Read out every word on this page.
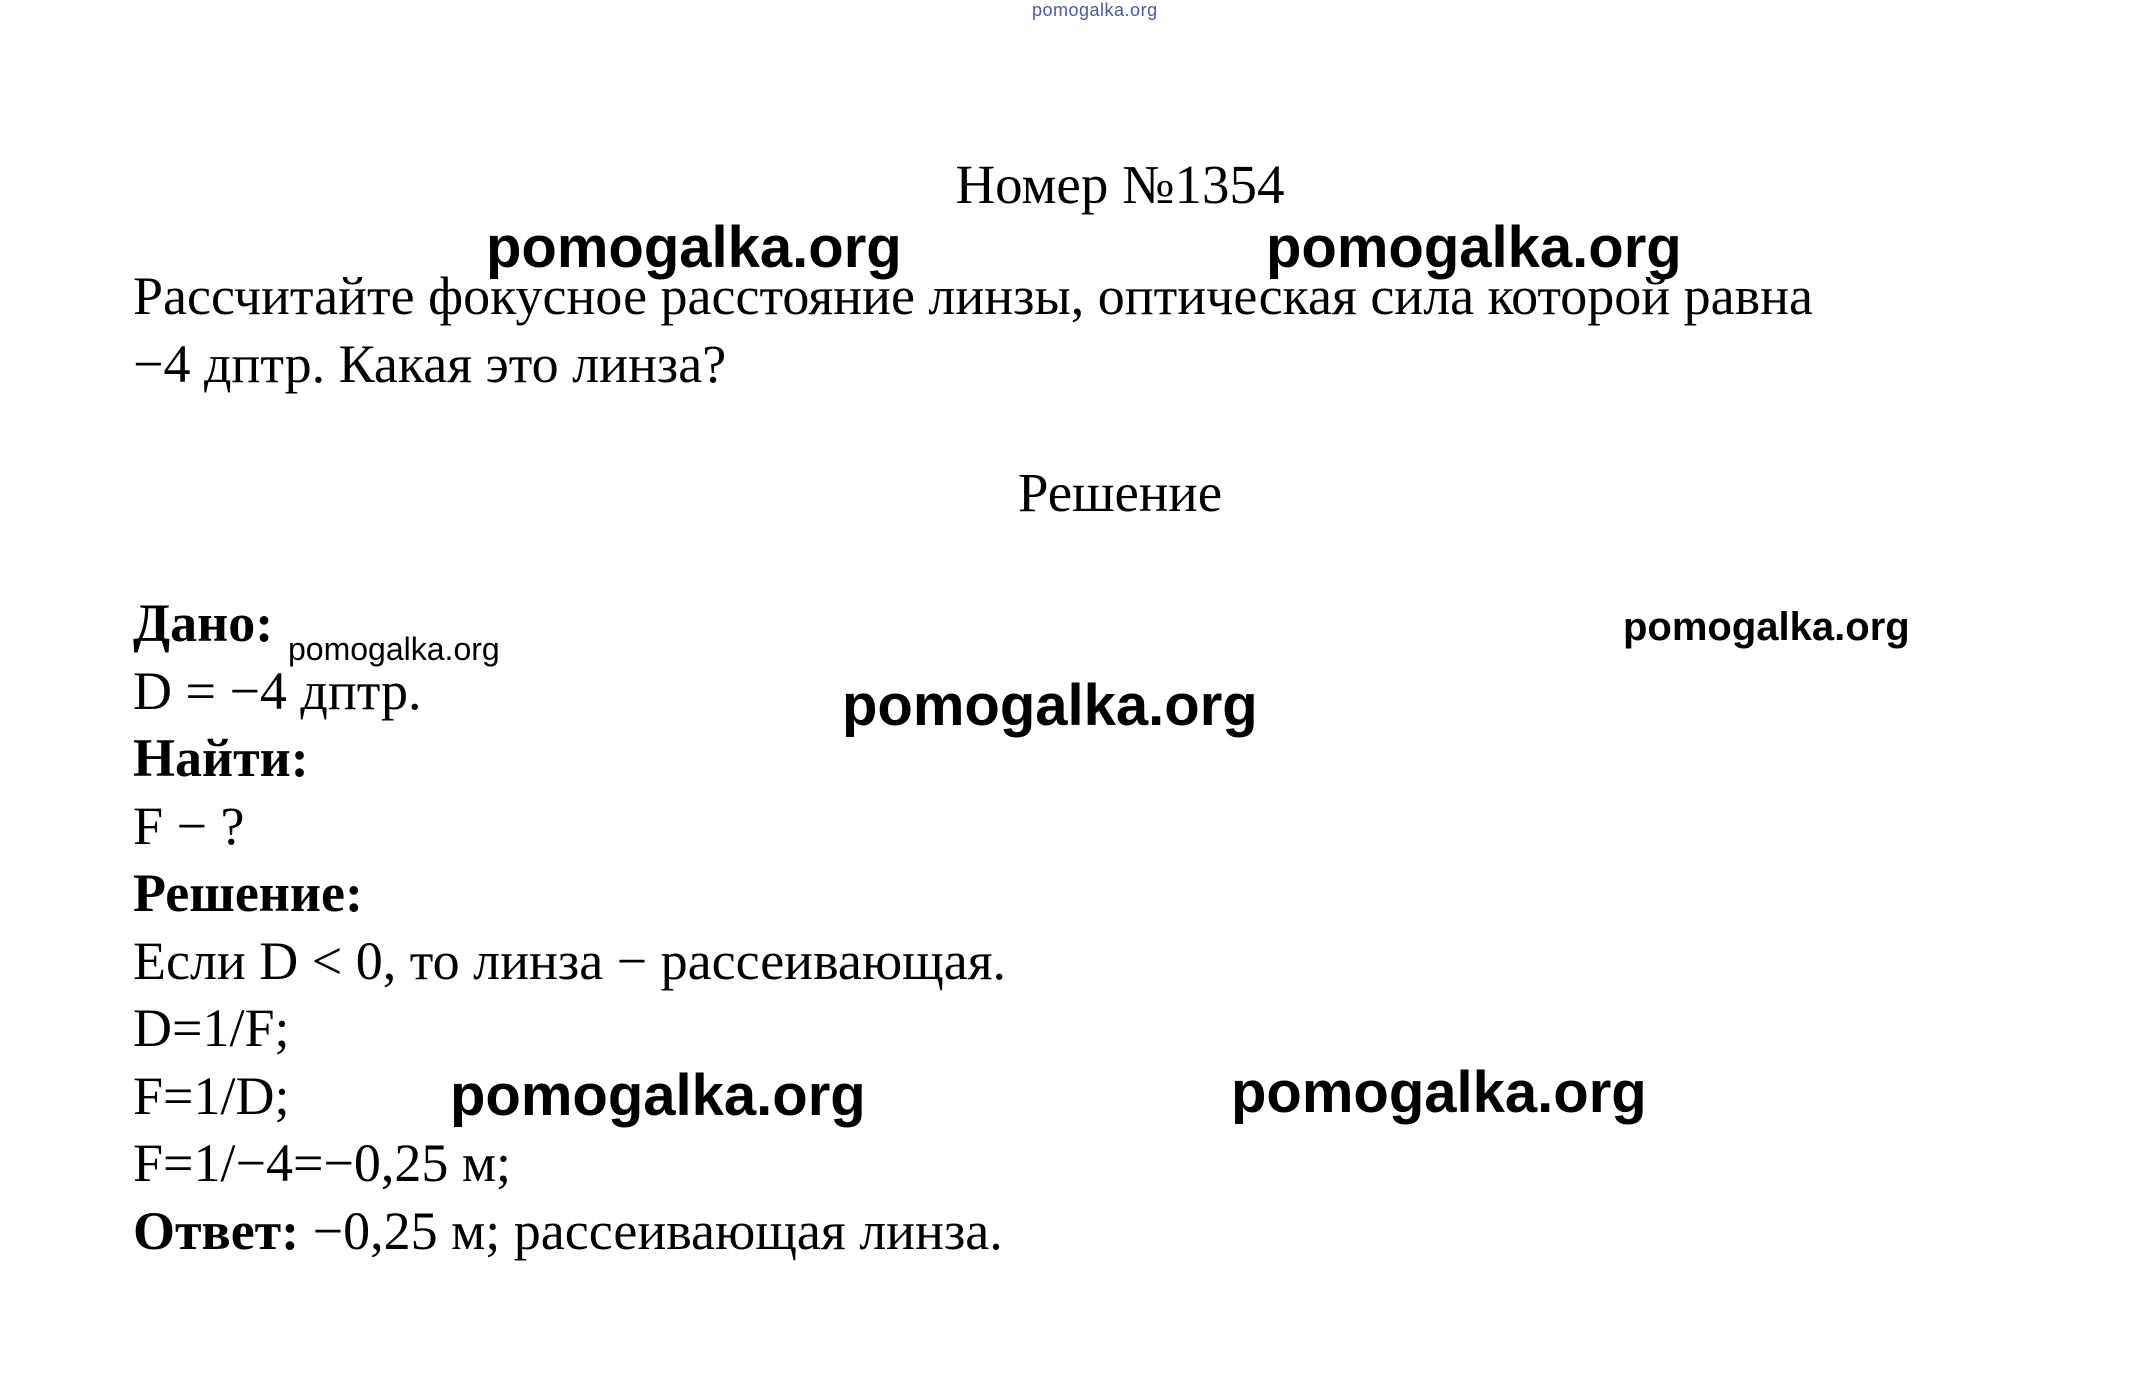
pomogalka.org
Номер №1354
Рассчитайте фокусное расстояние линзы, оптическая сила которой равна
−4 дптр. Какая это линза?
Решение
Дано:
D = −4 дптр.
Найти:
F − ?
Решение:
Если D < 0, то линза − рассеивающая.
D=1/F;
F=1/D;
F=1/−4=−0,25 м;
Ответ: −0,25 м; рассеивающая линза.
pomogalka.org	pomogalka.org
pomogalka.org	pomogalka.org
pomogalka.org
pomogalka.org	pomogalka.org
